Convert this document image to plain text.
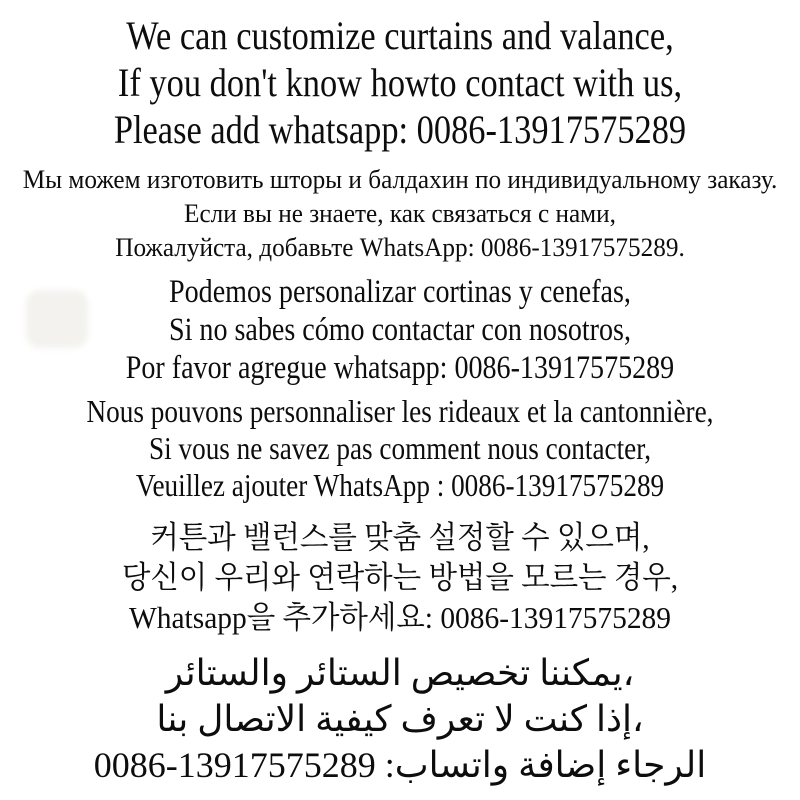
We can customize curtains and valance,

If you don't know howto contact with us,

Please add whatsapp: 0086-13917575289

Мы можем изготовить шторы и балдахин по индивидуальному заказу.

Если вы не знаете, как связаться с нами,

Пожалуйста, добавьте WhatsApp: 0086-13917575289.

Podemos personalizar cortinas y cenefas,

Si no sabes cómo contactar con nosotros,

Por favor agregue whatsapp: 0086-13917575289

Nous pouvons personnaliser les rideaux et la cantonnière,

Si vous ne savez pas comment nous contacter,

Veuillez ajouter WhatsApp : 0086-13917575289

커튼과 밸런스를 맞춤 설정할 수 있으며,

당신이 우리와 연락하는 방법을 모르는 경우,

Whatsapp을 추가하세요: 0086-13917575289

،يمكننا تخصيص الستائر والستائر

،إذا كنت لا تعرف كيفية الاتصال بنا

الرجاء إضافة واتساب: 13917575289-0086
